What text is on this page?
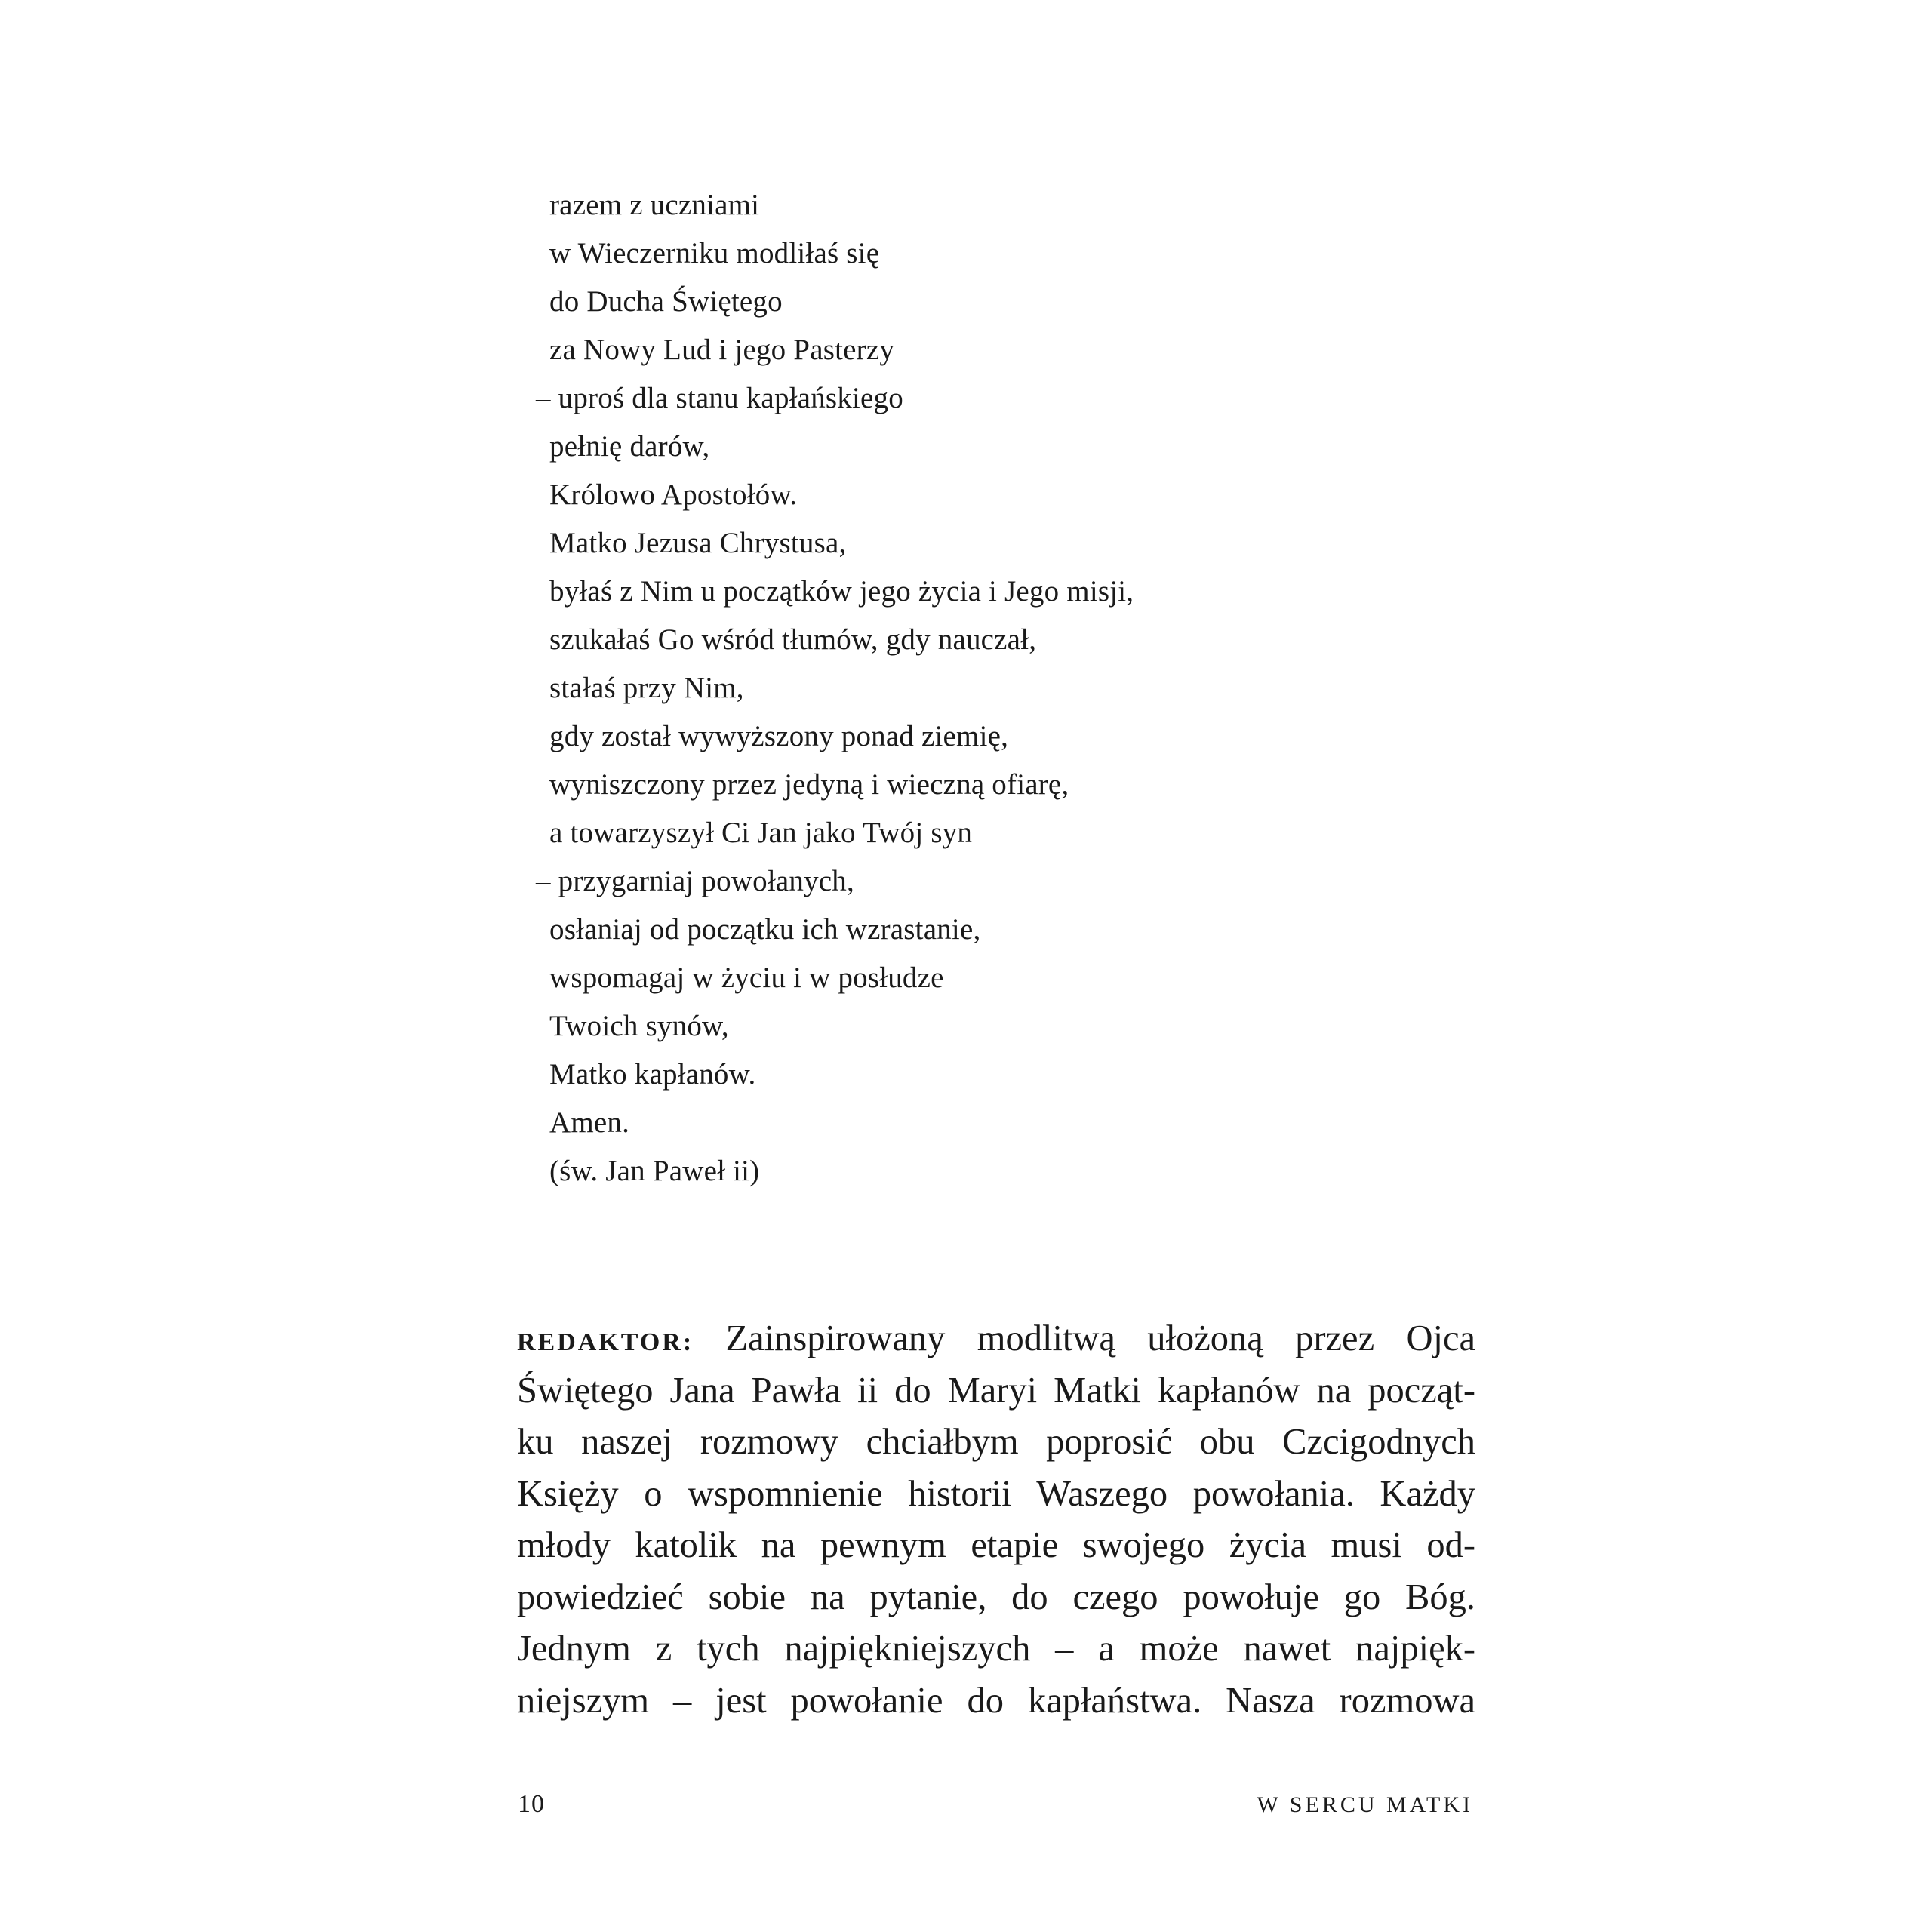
razem z uczniami
w Wieczerniku modliłaś się
do Ducha Świętego
za Nowy Lud i jego Pasterzy
– uproś dla stanu kapłańskiego
pełnię darów,
Królowo Apostołów.
Matko Jezusa Chrystusa,
byłaś z Nim u początków jego życia i Jego misji,
szukałaś Go wśród tłumów, gdy nauczał,
stałaś przy Nim,
gdy został wywyższony ponad ziemię,
wyniszczony przez jedyną i wieczną ofiarę,
a towarzyszył Ci Jan jako Twój syn
– przygarniaj powołanych,
osłaniaj od początku ich wzrastanie,
wspomagaj w życiu i w posłudze
Twoich synów,
Matko kapłanów.
Amen.
(św. Jan Paweł ii)
REDAKTOR: Zainspirowany modlitwą ułożoną przez Ojca
Świętego Jana Pawła ii do Maryi Matki kapłanów na począt-
ku naszej rozmowy chciałbym poprosić obu Czcigodnych
Księży o wspomnienie historii Waszego powołania. Każdy
młody katolik na pewnym etapie swojego życia musi od-
powiedzieć sobie na pytanie, do czego powołuje go Bóg.
Jednym z tych najpiękniejszych – a może nawet najpięk-
niejszym – jest powołanie do kapłaństwa. Nasza rozmowa
10	W SERCU MATKI
